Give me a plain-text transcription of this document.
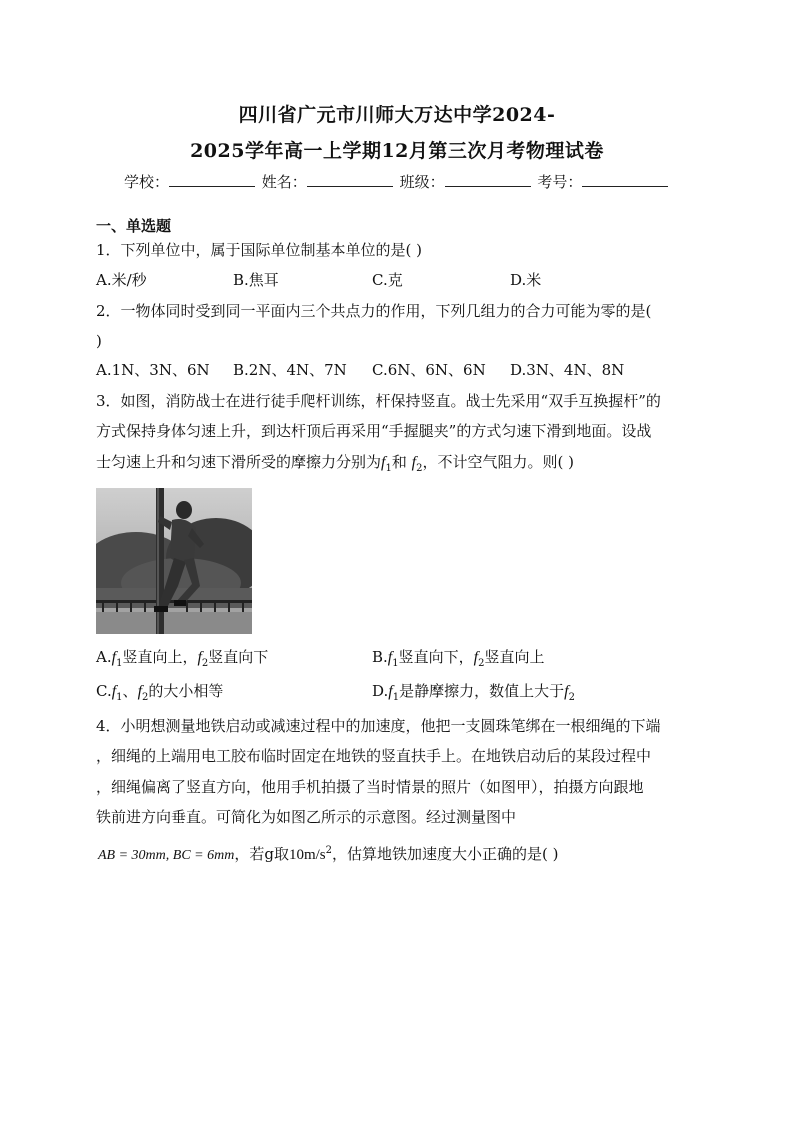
四川省广元市川师大万达中学2024-
2025学年高一上学期12月第三次月考物理试卷
学校：	姓名：	班级：	考号：
一、单选题
1．下列单位中，属于国际单位制基本单位的是( )
A.米/秒	B.焦耳	C.克	D.米
2．一物体同时受到同一平面内三个共点力的作用，下列几组力的合力可能为零的是(
)
A.1N、3N、6N B.2N、4N、7N C.6N、6N、6N D.3N、4N、8N
3．如图，消防战士在进行徒手爬杆训练，杆保持竖直。战士先采用“双手互换握杆”的
方式保持身体匀速上升，到达杆顶后再采用“手握腿夹”的方式匀速下滑到地面。设战
士匀速上升和匀速下滑所受的摩擦力分别为$f_1$和 $f_2$，不计空气阻力。则( )
$A.f_1$竖直向上，$f_2$竖直向下	$B.f_1$竖直向下，$f_2$竖直向上
$C.f_1$、$f_2$的大小相等	$D.f_1$是静摩擦力，数值上大于$f_2$
4．小明想测量地铁启动或减速过程中的加速度，他把一支圆珠笔绑在一根细绳的下端
，细绳的上端用电工胶布临时固定在地铁的竖直扶手上。在地铁启动后的某段过程中
，细绳偏离了竖直方向，他用手机拍摄了当时情景的照片（如图甲），拍摄方向跟地
铁前进方向垂直。可简化为如图乙所示的示意图。经过测量图中
AB = 30mm, BC = 6mm，若g取$10m/s^2$，估算地铁加速度大小正确的是( )
